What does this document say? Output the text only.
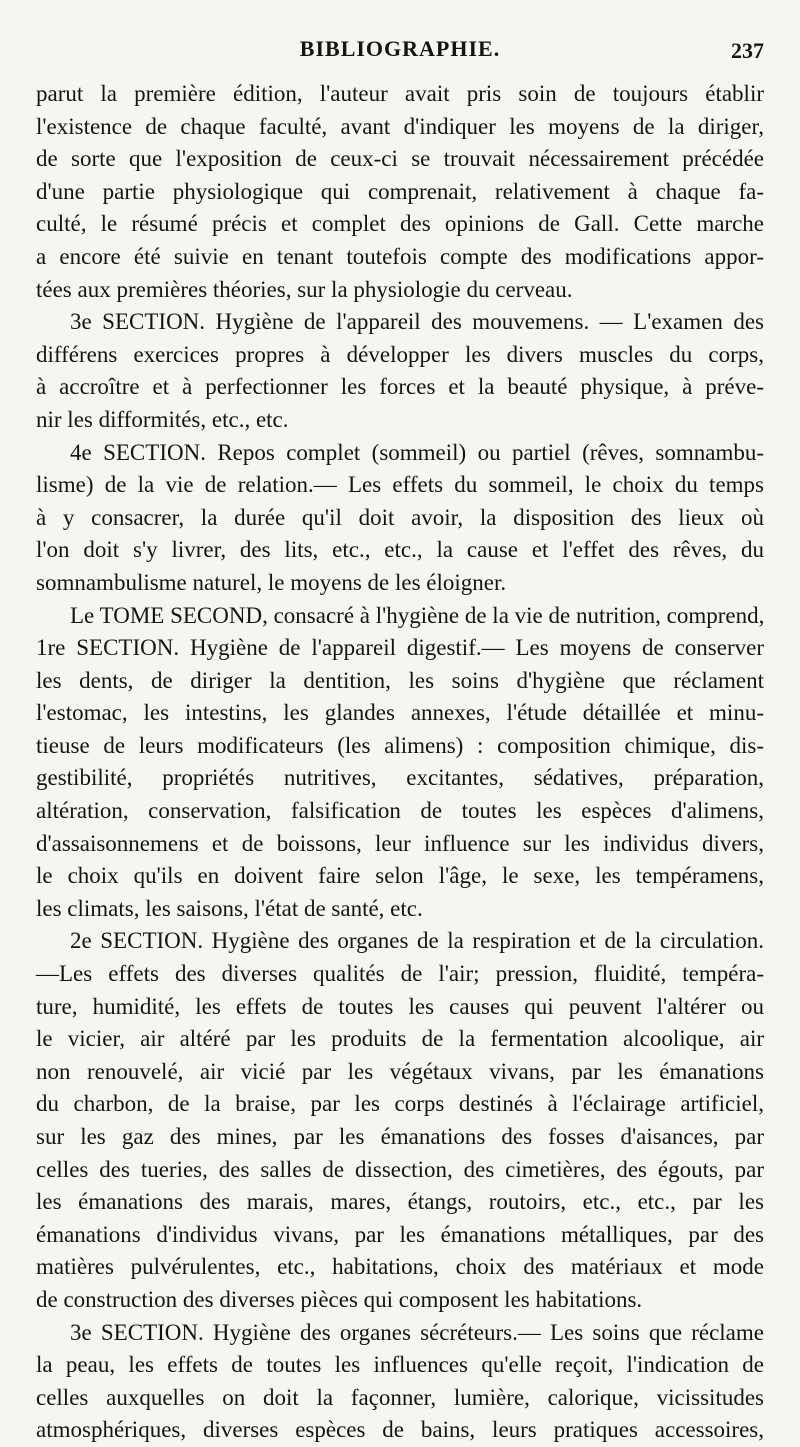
BIBLIOGRAPHIE.	237
parut la première édition, l'auteur avait pris soin de toujours établir
l'existence de chaque faculté, avant d'indiquer les moyens de la diriger,
de sorte que l'exposition de ceux-ci se trouvait nécessairement précédée
d'une partie physiologique qui comprenait, relativement à chaque fa-
culté, le résumé précis et complet des opinions de Gall. Cette marche
a encore été suivie en tenant toutefois compte des modifications appor-
tées aux premières théories, sur la physiologie du cerveau.
3e SECTION. Hygiène de l'appareil des mouvemens. — L'examen des
différens exercices propres à développer les divers muscles du corps,
à accroître et à perfectionner les forces et la beauté physique, à préve-
nir les difformités, etc., etc.
4e SECTION. Repos complet (sommeil) ou partiel (rêves, somnambu-
lisme) de la vie de relation.— Les effets du sommeil, le choix du temps
à y consacrer, la durée qu'il doit avoir, la disposition des lieux où
l'on doit s'y livrer, des lits, etc., etc., la cause et l'effet des rêves, du
somnambulisme naturel, le moyens de les éloigner.
Le TOME SECOND, consacré à l'hygiène de la vie de nutrition, comprend,
1re SECTION. Hygiène de l'appareil digestif.— Les moyens de conserver
les dents, de diriger la dentition, les soins d'hygiène que réclament
l'estomac, les intestins, les glandes annexes, l'étude détaillée et minu-
tieuse de leurs modificateurs (les alimens) : composition chimique, dis-
gestibilité, propriétés nutritives, excitantes, sédatives, préparation,
altération, conservation, falsification de toutes les espèces d'alimens,
d'assaisonnemens et de boissons, leur influence sur les individus divers,
le choix qu'ils en doivent faire selon l'âge, le sexe, les tempéramens,
les climats, les saisons, l'état de santé, etc.
2e SECTION. Hygiène des organes de la respiration et de la circulation.
—Les effets des diverses qualités de l'air; pression, fluidité, tempéra-
ture, humidité, les effets de toutes les causes qui peuvent l'altérer ou
le vicier, air altéré par les produits de la fermentation alcoolique, air
non renouvelé, air vicié par les végétaux vivans, par les émanations
du charbon, de la braise, par les corps destinés à l'éclairage artificiel,
sur les gaz des mines, par les émanations des fosses d'aisances, par
celles des tueries, des salles de dissection, des cimetières, des égouts, par
les émanations des marais, mares, étangs, routoirs, etc., etc., par les
émanations d'individus vivans, par les émanations métalliques, par des
matières pulvérulentes, etc., habitations, choix des matériaux et mode
de construction des diverses pièces qui composent les habitations.
3e SECTION. Hygiène des organes sécréteurs.— Les soins que réclame
la peau, les effets de toutes les influences qu'elle reçoit, l'indication de
celles auxquelles on doit la façonner, lumière, calorique, vicissitudes
atmosphériques, diverses espèces de bains, leurs pratiques accessoires,
